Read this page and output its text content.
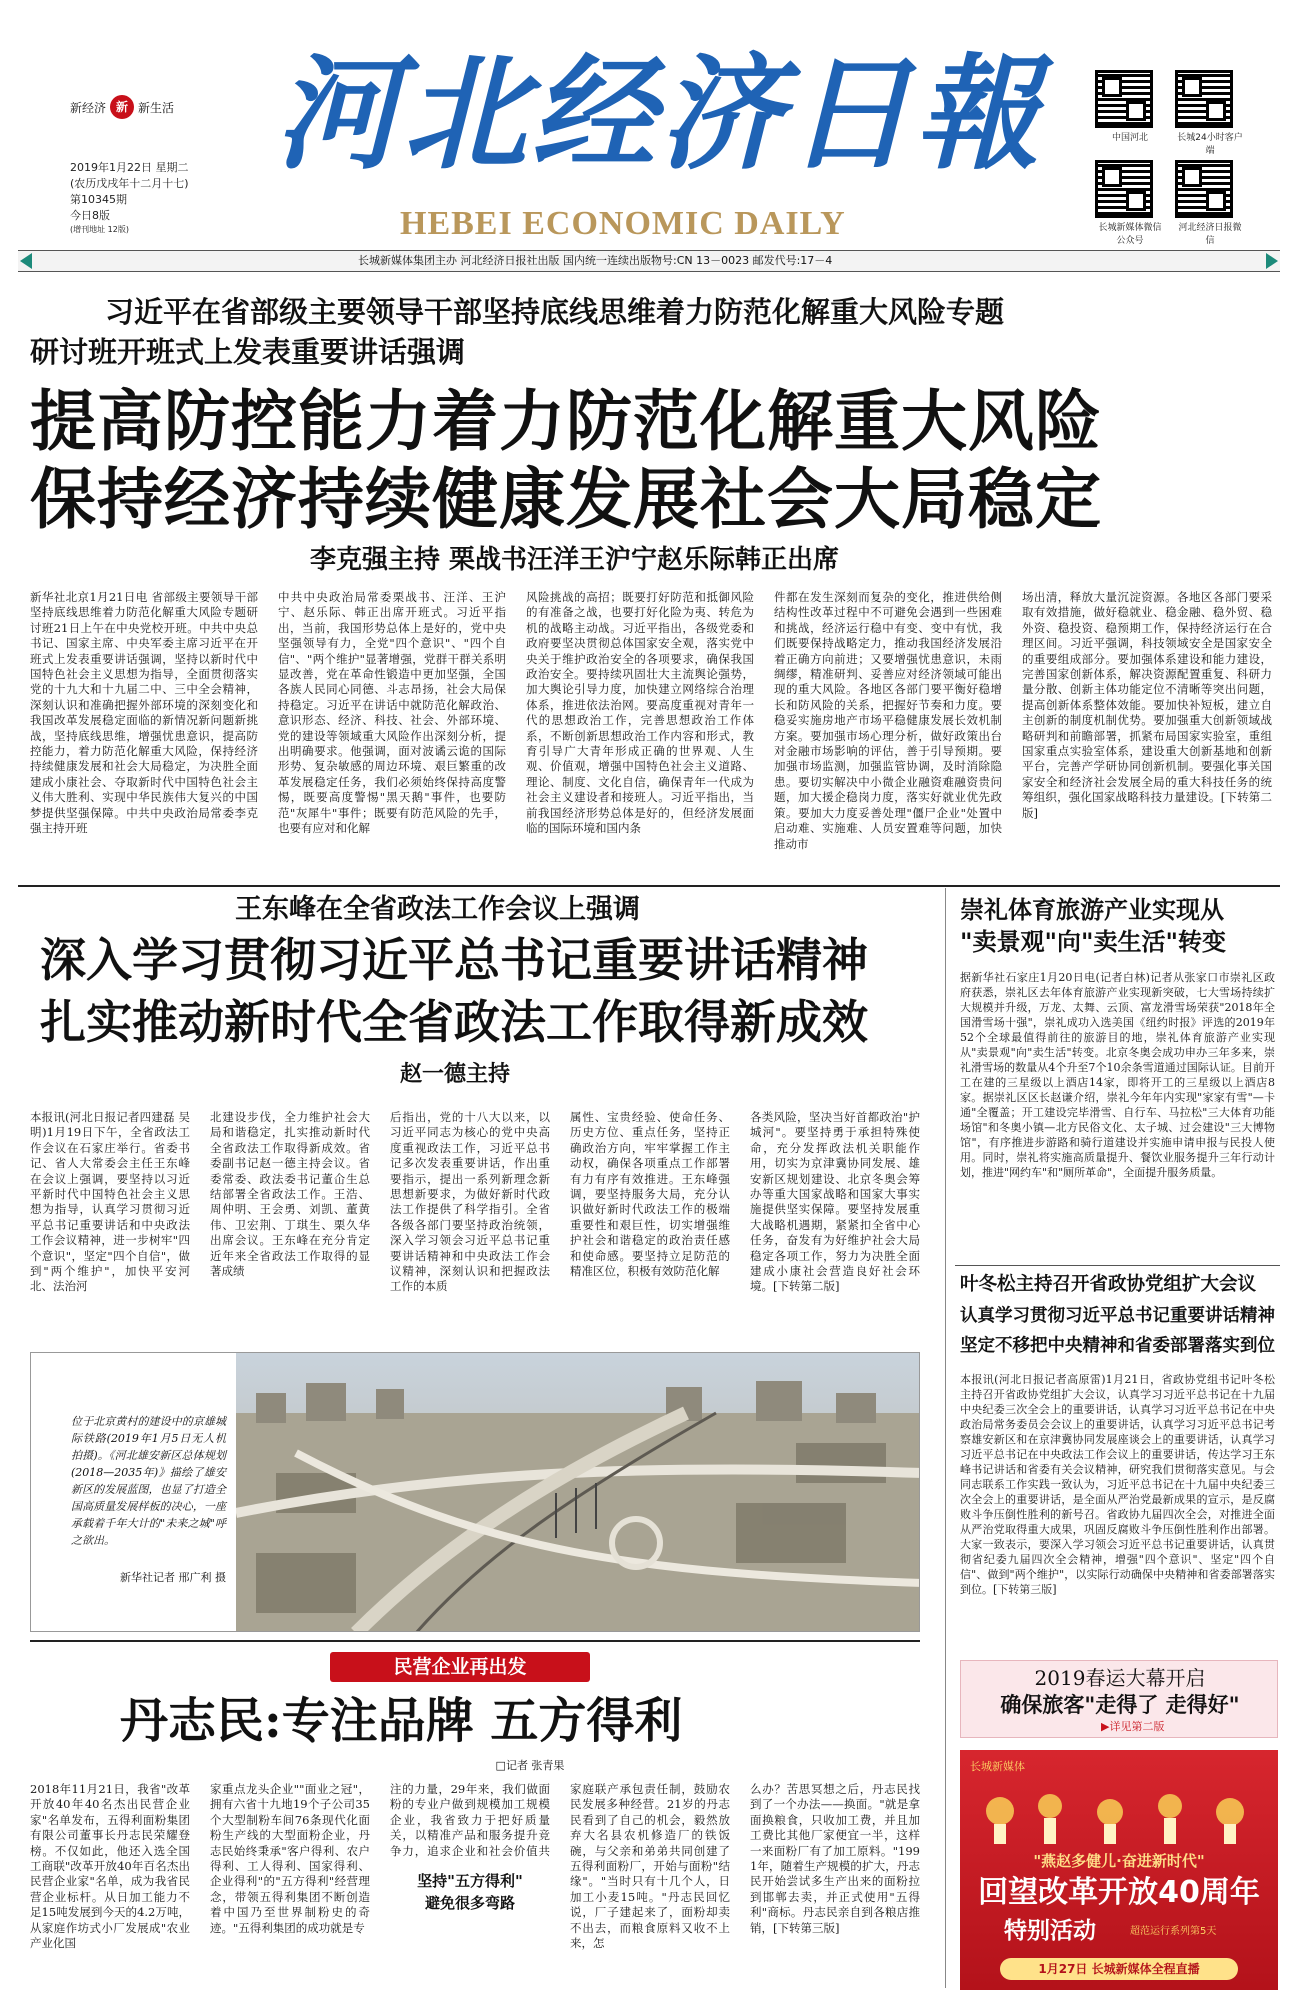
新经济 新 新生活 河北经济日報
HEBEI ECONOMIC DAILY
2019年1月22日 星期二
(农历戊戌年十二月十七)
第10345期
今日8版
(增刊地址 12版)
中国河北	长城24小时客户端
长城新媒体微信公众号
河北经济日报微信
长城新媒体集团主办 河北经济日报社出版 国内统一连续出版物号:CN 13－0023 邮发代号:17－4
习近平在省部级主要领导干部坚持底线思维着力防范化解重大风险专题
研讨班开班式上发表重要讲话强调
提高防控能力着力防范化解重大风险
保持经济持续健康发展社会大局稳定
李克强主持 栗战书汪洋王沪宁赵乐际韩正出席
新华社北京1月21日电 省部级主要领导干部坚持底线思维着力防范化解重大风险专题研讨班21日上午在中央党校开班。中共中央总书记、国家主席、中央军委主席习近平在开班式上发表重要讲话强调，坚持以新时代中国特色社会主义思想为指导，全面贯彻落实党的十九大和十九届二中、三中全会精神，深刻认识和准确把握外部环境的深刻变化和我国改革发展稳定面临的新情况新问题新挑战，坚持底线思维，增强忧患意识，提高防控能力，着力防范化解重大风险，保持经济持续健康发展和社会大局稳定，为决胜全面建成小康社会、夺取新时代中国特色社会主义伟大胜利、实现中华民族伟大复兴的中国梦提供坚强保障。中共中央政治局常委李克强主持开班
中共中央政治局常委栗战书、汪洋、王沪宁、赵乐际、韩正出席开班式。习近平指出，当前，我国形势总体上是好的，党中央坚强领导有力，全党"四个意识"、"四个自信"、"两个维护"显著增强，党群干群关系明显改善，党在革命性锻造中更加坚强，全国各族人民同心同德、斗志昂扬，社会大局保持稳定。习近平在讲话中就防范化解政治、意识形态、经济、科技、社会、外部环境、党的建设等领域重大风险作出深刻分析，提出明确要求。他强调，面对波谲云诡的国际形势、复杂敏感的周边环境、艰巨繁重的改革发展稳定任务，我们必须始终保持高度警惕，既要高度警惕"黑天鹅"事件，也要防范"灰犀牛"事件；既要有防范风险的先手，也要有应对和化解
风险挑战的高招；既要打好防范和抵御风险的有准备之战，也要打好化险为夷、转危为机的战略主动战。习近平指出，各级党委和政府要坚决贯彻总体国家安全观，落实党中央关于维护政治安全的各项要求，确保我国政治安全。要持续巩固壮大主流舆论强势，加大舆论引导力度，加快建立网络综合治理体系，推进依法治网。要高度重视对青年一代的思想政治工作，完善思想政治工作体系，不断创新思想政治工作内容和形式，教育引导广大青年形成正确的世界观、人生观、价值观，增强中国特色社会主义道路、理论、制度、文化自信，确保青年一代成为社会主义建设者和接班人。习近平指出，当前我国经济形势总体是好的，但经济发展面临的国际环境和国内条
件都在发生深刻而复杂的变化，推进供给侧结构性改革过程中不可避免会遇到一些困难和挑战，经济运行稳中有变、变中有忧，我们既要保持战略定力，推动我国经济发展沿着正确方向前进；又要增强忧患意识，未雨绸缪，精准研判、妥善应对经济领域可能出现的重大风险。各地区各部门要平衡好稳增长和防风险的关系，把握好节奏和力度。要稳妥实施房地产市场平稳健康发展长效机制方案。要加强市场心理分析，做好政策出台对金融市场影响的评估，善于引导预期。要加强市场监测，加强监管协调，及时消除隐患。要切实解决中小微企业融资难融资贵问题，加大援企稳岗力度，落实好就业优先政策。要加大力度妥善处理"僵尸企业"处置中启动难、实施难、人员安置难等问题，加快推动市
场出清，释放大量沉淀资源。各地区各部门要采取有效措施，做好稳就业、稳金融、稳外贸、稳外资、稳投资、稳预期工作，保持经济运行在合理区间。习近平强调，科技领域安全是国家安全的重要组成部分。要加强体系建设和能力建设，完善国家创新体系，解决资源配置重复、科研力量分散、创新主体功能定位不清晰等突出问题，提高创新体系整体效能。要加快补短板，建立自主创新的制度机制优势。要加强重大创新领域战略研判和前瞻部署，抓紧布局国家实验室，重组国家重点实验室体系，建设重大创新基地和创新平台，完善产学研协同创新机制。要强化事关国家安全和经济社会发展全局的重大科技任务的统筹组织，强化国家战略科技力量建设。[下转第二版]
王东峰在全省政法工作会议上强调
深入学习贯彻习近平总书记重要讲话精神
扎实推动新时代全省政法工作取得新成效
赵一德主持
本报讯(河北日报记者四建磊 吴明)1月19日下午，全省政法工作会议在石家庄举行。省委书记、省人大常委会主任王东峰在会议上强调，要坚持以习近平新时代中国特色社会主义思想为指导，认真学习贯彻习近平总书记重要讲话和中央政法工作会议精神，进一步树牢"四个意识"，坚定"四个自信"，做到"两个维护"，加快平安河北、法治河
北建设步伐，全力维护社会大局和谐稳定，扎实推动新时代全省政法工作取得新成效。省委副书记赵一德主持会议。省委常委、政法委书记董仚生总结部署全省政法工作。王浩、周仲明、王会勇、刘凯、董黄伟、卫宏荆、丁琪生、栗久华出席会议。王东峰在充分肯定近年来全省政法工作取得的显著成绩
后指出，党的十八大以来，以习近平同志为核心的党中央高度重视政法工作，习近平总书记多次发表重要讲话，作出重要指示，提出一系列新理念新思想新要求，为做好新时代政法工作提供了科学指引。全省各级各部门要坚持政治统领，深入学习领会习近平总书记重要讲话精神和中央政法工作会议精神，深刻认识和把握政法工作的本质
属性、宝贵经验、使命任务、历史方位、重点任务，坚持正确政治方向，牢牢掌握工作主动权，确保各项重点工作部署有力有序有效推进。王东峰强调，要坚持服务大局，充分认识做好新时代政法工作的极端重要性和艰巨性，切实增强维护社会和谐稳定的政治责任感和使命感。要坚持立足防范的精准区位，积极有效防范化解
各类风险，坚决当好首都政治"护城河"。要坚持勇于承担特殊使命，充分发挥政法机关职能作用，切实为京津冀协同发展、雄安新区规划建设、北京冬奥会筹办等重大国家战略和国家大事实施提供坚实保障。要坚持发展重大战略机遇期，紧紧扣全省中心任务，奋发有为好维护社会大局稳定各项工作，努力为决胜全面建成小康社会营造良好社会环境。[下转第二版]
位于北京黄村的建设中的京雄城际铁路(2019年1月5日无人机拍摄)。《河北雄安新区总体规划(2018—2035年)》描绘了雄安新区的发展蓝图，也显了打造全国高质量发展样板的决心，一座承载着千年大计的"未来之城"呼之欲出。
新华社记者 邢广利 摄
民营企业再出发
丹志民:专注品牌 五方得利
□记者 张青果
2018年11月21日，我省"改革开放40年40名杰出民营企业家"名单发布，五得利面粉集团有限公司董事长丹志民荣耀登榜。不仅如此，他还入选全国工商联"改革开放40年百名杰出民营企业家"名单，成为我省民营企业标杆。从日加工能力不足15吨发展到今天的4.2万吨，从家庭作坊式小厂发展成"农业产业化国
家重点龙头企业""面业之冠"，拥有六省十九地19个子公司35个大型制粉车间76条现代化面粉生产线的大型面粉企业，丹志民始终秉承"客户得利、农户得利、工人得利、国家得利、企业得利"的"五方得利"经营理念，带领五得利集团不断创造着中国乃至世界制粉史的奇迹。"五得利集团的成功就是专
注的力量，29年来，我们做面粉的专业户做到规模加工规模企业，我省致力于把好质量关，以精准产品和服务提升竞争力，追求企业和社会价值共
坚持"五方得利"
避免很多弯路
家庭联产承包责任制，鼓励农民发展多种经营。21岁的丹志民看到了自己的机会，毅然放弃大名县农机修造厂的铁饭碗，与父亲和弟弟共同创建了五得利面粉厂，开始与面粉"结缘"。"当时只有十几个人，日加工小麦15吨。"丹志民回忆说，厂子建起来了，面粉却卖不出去，而粮食原料又收不上来，怎
么办？苦思冥想之后，丹志民找到了一个办法——换面。"就是拿面换粮食，只收加工费，并且加工费比其他厂家便宜一半，这样一来面粉厂有了加工原料。"1991年，随着生产规模的扩大，丹志民开始尝试多生产出来的面粉拉到邯郸去卖，并正式使用"五得利"商标。丹志民亲自到各粮店推销，[下转第三版]
崇礼体育旅游产业实现从
"卖景观"向"卖生活"转变
据新华社石家庄1月20日电(记者白林)记者从张家口市崇礼区政府获悉，崇礼区去年体育旅游产业实现新突破，七大雪场持续扩大规模并升级，万龙、太舞、云顶、富龙滑雪场荣获"2018年全国滑雪场十强"，崇礼成功入选美国《纽约时报》评选的2019年52个全球最值得前往的旅游目的地，崇礼体育旅游产业实现从"卖景观"向"卖生活"转变。北京冬奥会成功申办三年多来，崇礼滑雪场的数量从4个升至7个10余条雪道通过国际认证。目前开工在建的三星级以上酒店14家，即将开工的三星级以上酒店8家。据崇礼区区长赵谦介绍，崇礼今年年内实现"家家有雪"—卡通"全覆盖；开工建设完毕滑雪、自行车、马拉松"三大体育功能场馆"和冬奥小镇—北方民俗文化、太子城、过会建设"三大博物馆"，有序推进步游路和骑行道建设并实施申请申报与民投人使用。同时，崇礼将实施高质量提升、餐饮业服务提升三年行动计划，推进"网约车"和"厕所革命"，全面提升服务质量。
叶冬松主持召开省政协党组扩大会议
认真学习贯彻习近平总书记重要讲话精神
坚定不移把中央精神和省委部署落实到位
本报讯(河北日报记者高原雷)1月21日，省政协党组书记叶冬松主持召开省政协党组扩大会议，认真学习习近平总书记在十九届中央纪委三次全会上的重要讲话，认真学习习近平总书记在中央政治局常务委员会会议上的重要讲话，认真学习习近平总书记考察雄安新区和在京津冀协同发展座谈会上的重要讲话，认真学习习近平总书记在中央政法工作会议上的重要讲话，传达学习王东峰书记讲话和省委有关会议精神，研究我们贯彻落实意见。与会同志联系工作实践一致认为，习近平总书记在十九届中央纪委三次全会上的重要讲话，是全面从严治党最新成果的宣示，是反腐败斗争压倒性胜利的新号召。省政协九届四次全会，对推进全面从严治党取得重大成果，巩固反腐败斗争压倒性胜利作出部署。大家一致表示，要深入学习领会习近平总书记重要讲话，认真贯彻省纪委九届四次全会精神，增强"四个意识"、坚定"四个自信"、做到"两个维护"，以实际行动确保中央精神和省委部署落实到位。[下转第三版]
2019春运大幕开启
确保旅客"走得了 走得好"
▶详见第二版
长城新媒体
"燕赵多健儿·奋进新时代"
回望改革开放40周年
特别活动	超范运行系列第5天
1月27日 长城新媒体全程直播
